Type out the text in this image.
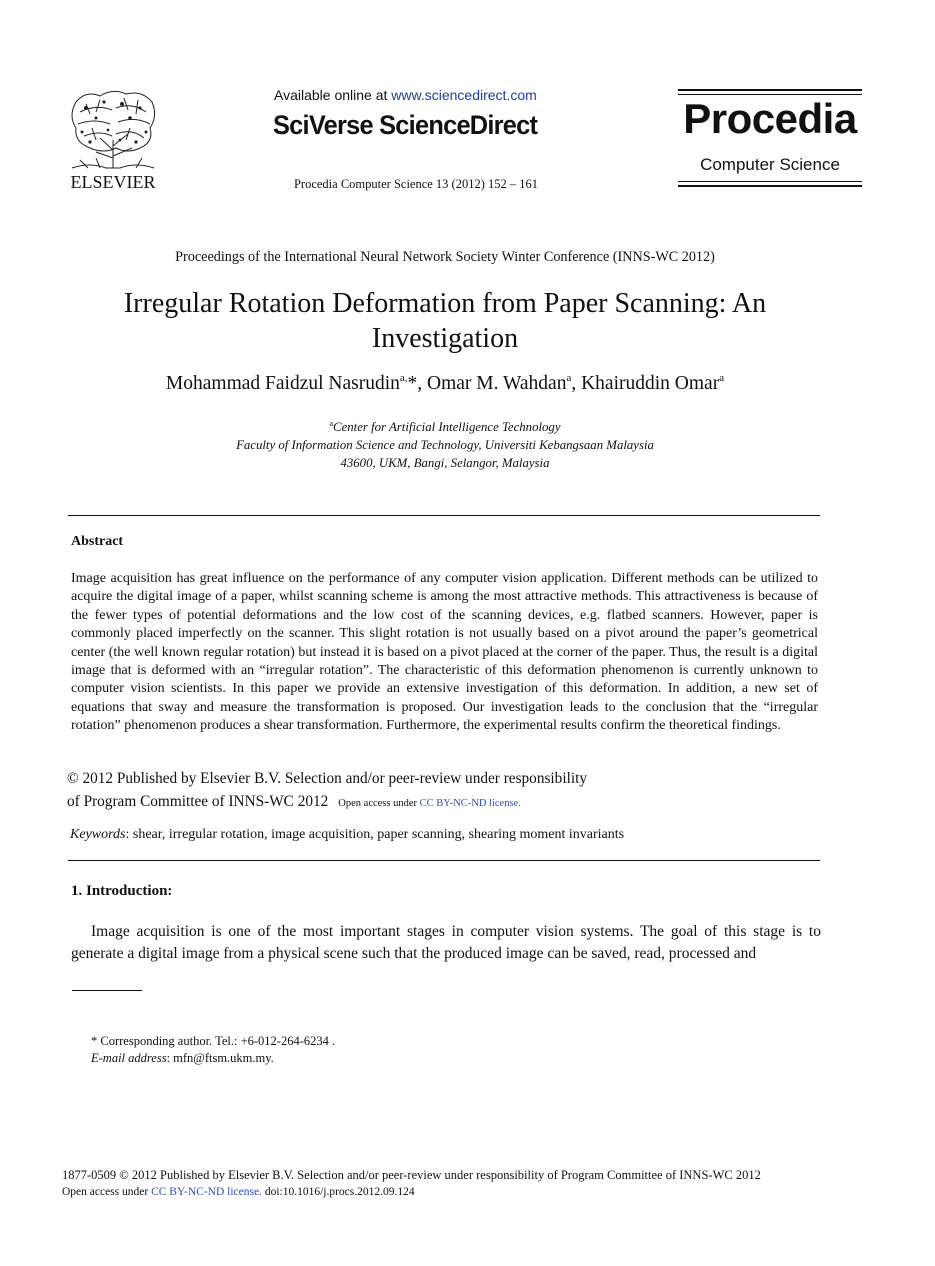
ELSEVIER
Available online at www.sciencedirect.com
SciVerse ScienceDirect
Procedia Computer Science 13 (2012) 152 – 161
Procedia
Computer Science
Proceedings of the International Neural Network Society Winter Conference (INNS-WC 2012)
Irregular Rotation Deformation from Paper Scanning: An Investigation
Mohammad Faidzul Nasrudin$^{a,}$*, Omar M. Wahdan$^a$, Khairuddin Omar$^a$
$^a$Center for Artificial Intelligence Technology
Faculty of Information Science and Technology, Universiti Kebangsaan Malaysia
43600, UKM, Bangi, Selangor, Malaysia
Abstract
Image acquisition has great influence on the performance of any computer vision application. Different methods can be utilized to acquire the digital image of a paper, whilst scanning scheme is among the most attractive methods. This attractiveness is because of the fewer types of potential deformations and the low cost of the scanning devices, e.g. flatbed scanners. However, paper is commonly placed imperfectly on the scanner. This slight rotation is not usually based on a pivot around the paper’s geometrical center (the well known regular rotation) but instead it is based on a pivot placed at the corner of the paper. Thus, the result is a digital image that is deformed with an “irregular rotation”. The characteristic of this deformation phenomenon is currently unknown to computer vision scientists. In this paper we provide an extensive investigation of this deformation. In addition, a new set of equations that sway and measure the transformation is proposed. Our investigation leads to the conclusion that the “irregular rotation” phenomenon produces a shear transformation. Furthermore, the experimental results confirm the theoretical findings.
© 2012 Published by Elsevier B.V. Selection and/or peer-review under responsibility
of Program Committee of INNS-WC 2012 Open access under CC BY-NC-ND license.
Keywords: shear, irregular rotation, image acquisition, paper scanning, shearing moment invariants
1. Introduction:
Image acquisition is one of the most important stages in computer vision systems. The goal of this stage is to generate a digital image from a physical scene such that the produced image can be saved, read, processed and
* Corresponding author. Tel.: +6-012-264-6234 .
E-mail address: mfn@ftsm.ukm.my.
1877-0509 © 2012 Published by Elsevier B.V. Selection and/or peer-review under responsibility of Program Committee of INNS-WC 2012
Open access under CC BY-NC-ND license. doi:10.1016/j.procs.2012.09.124
